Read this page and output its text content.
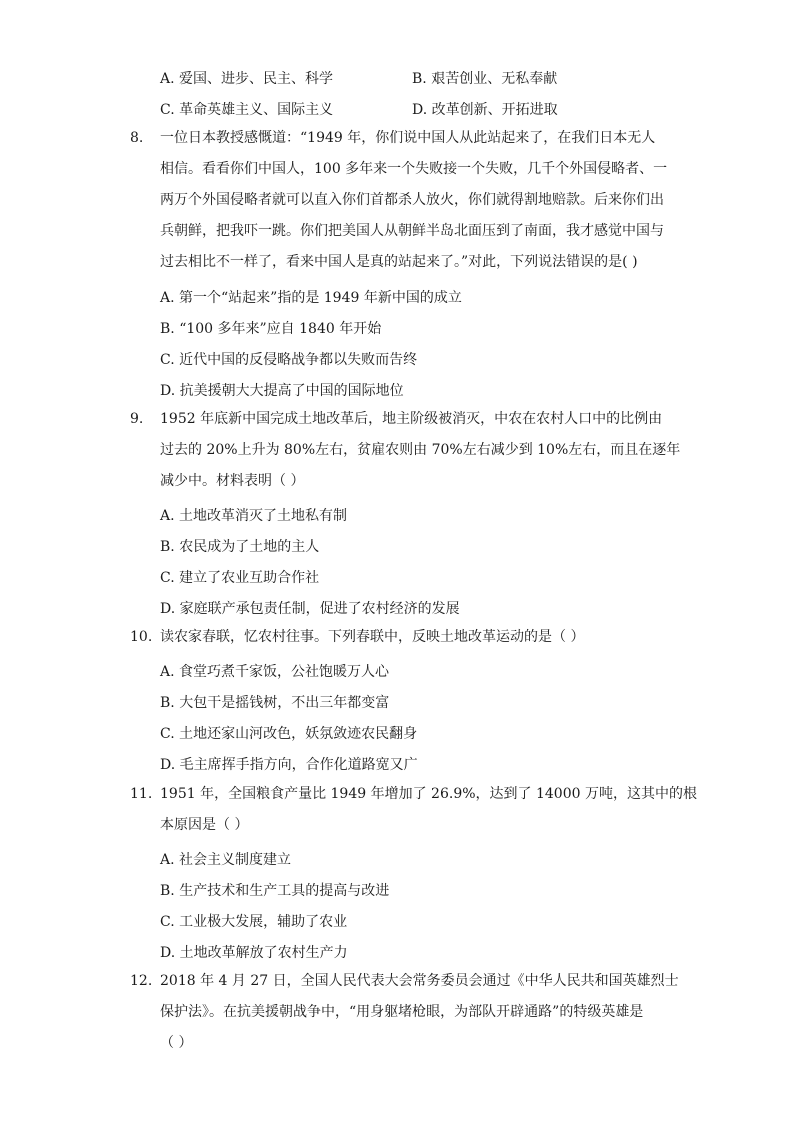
A. 爱国、进步、民主、科学	B. 艰苦创业、无私奉献
C. 革命英雄主义、国际主义	D. 改革创新、开拓进取
8. 一位日本教授感慨道：“1949 年，你们说中国人从此站起来了，在我们日本无人
相信。看看你们中国人，100 多年来一个失败接一个失败，几千个外国侵略者、一
两万个外国侵略者就可以直入你们首都杀人放火，你们就得割地赔款。后来你们出
兵朝鲜，把我吓一跳。你们把美国人从朝鲜半岛北面压到了南面，我才感觉中国与
过去相比不一样了，看来中国人是真的站起来了。”对此，下列说法错误的是( )
A. 第一个“站起来”指的是 1949 年新中国的成立
B. “100 多年来”应自 1840 年开始
C. 近代中国的反侵略战争都以失败而告终
D. 抗美援朝大大提高了中国的国际地位
9. 1952 年底新中国完成土地改革后，地主阶级被消灭，中农在农村人口中的比例由
过去的 20%上升为 80%左右，贫雇农则由 70%左右减少到 10%左右，而且在逐年
减少中。材料表明（ ）
A. 土地改革消灭了土地私有制
B. 农民成为了土地的主人
C. 建立了农业互助合作社
D. 家庭联产承包责任制，促进了农村经济的发展
10. 读农家春联，忆农村往事。下列春联中，反映土地改革运动的是（ ）
A. 食堂巧煮千家饭，公社饱暖万人心
B. 大包干是摇钱树，不出三年都变富
C. 土地还家山河改色，妖氛敛迹农民翻身
D. 毛主席挥手指方向，合作化道路宽又广
11. 1951 年，全国粮食产量比 1949 年增加了 26.9%，达到了 14000 万吨，这其中的根
本原因是（ ）
A. 社会主义制度建立
B. 生产技术和生产工具的提高与改进
C. 工业极大发展，辅助了农业
D. 土地改革解放了农村生产力
12. 2018 年 4 月 27 日，全国人民代表大会常务委员会通过《中华人民共和国英雄烈士
保护法》。在抗美援朝战争中，“用身躯堵枪眼，为部队开辟通路”的特级英雄是
（ ）
